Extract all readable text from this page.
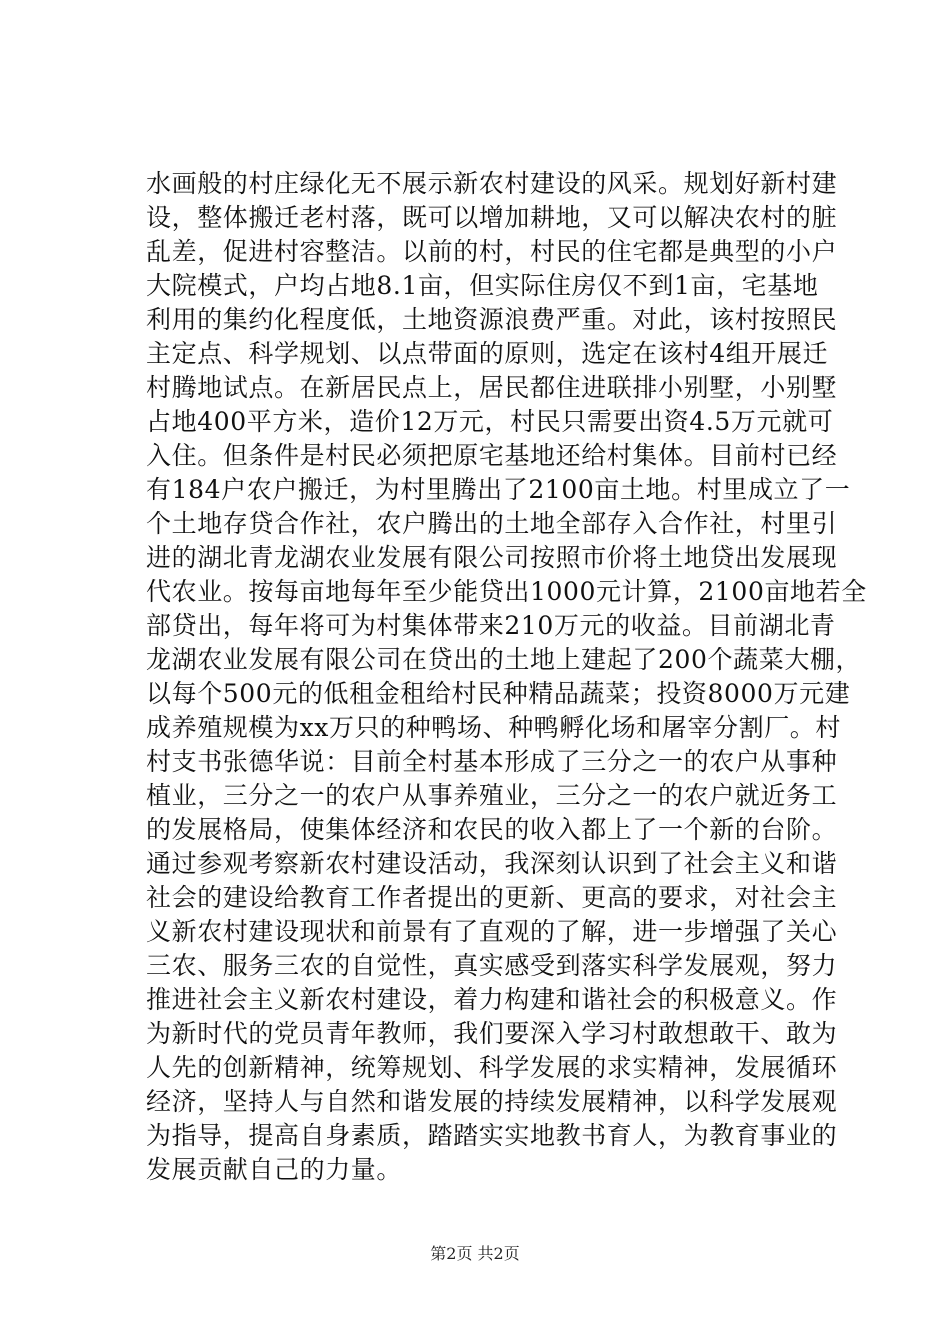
水画般的村庄绿化无不展示新农村建设的风采。规划好新村建
设，整体搬迁老村落，既可以增加耕地，又可以解决农村的脏
乱差，促进村容整洁。以前的村，村民的住宅都是典型的小户
大院模式，户均占地8.1亩，但实际住房仅不到1亩，宅基地
利用的集约化程度低，土地资源浪费严重。对此，该村按照民
主定点、科学规划、以点带面的原则，选定在该村4组开展迁
村腾地试点。在新居民点上，居民都住进联排小别墅，小别墅
占地400平方米，造价12万元，村民只需要出资4.5万元就可
入住。但条件是村民必须把原宅基地还给村集体。目前村已经
有184户农户搬迁，为村里腾出了2100亩土地。村里成立了一
个土地存贷合作社，农户腾出的土地全部存入合作社，村里引
进的湖北青龙湖农业发展有限公司按照市价将土地贷出发展现
代农业。按每亩地每年至少能贷出1000元计算，2100亩地若全
部贷出，每年将可为村集体带来210万元的收益。目前湖北青
龙湖农业发展有限公司在贷出的土地上建起了200个蔬菜大棚，
以每个500元的低租金租给村民种精品蔬菜；投资8000万元建
成养殖规模为xx万只的种鸭场、种鸭孵化场和屠宰分割厂。村
村支书张德华说：目前全村基本形成了三分之一的农户从事种
植业，三分之一的农户从事养殖业，三分之一的农户就近务工
的发展格局，使集体经济和农民的收入都上了一个新的台阶。
通过参观考察新农村建设活动，我深刻认识到了社会主义和谐
社会的建设给教育工作者提出的更新、更高的要求，对社会主
义新农村建设现状和前景有了直观的了解，进一步增强了关心
三农、服务三农的自觉性，真实感受到落实科学发展观，努力
推进社会主义新农村建设，着力构建和谐社会的积极意义。作
为新时代的党员青年教师，我们要深入学习村敢想敢干、敢为
人先的创新精神，统筹规划、科学发展的求实精神，发展循环
经济，坚持人与自然和谐发展的持续发展精神，以科学发展观
为指导，提高自身素质，踏踏实实地教书育人，为教育事业的
发展贡献自己的力量。
第2页 共2页
